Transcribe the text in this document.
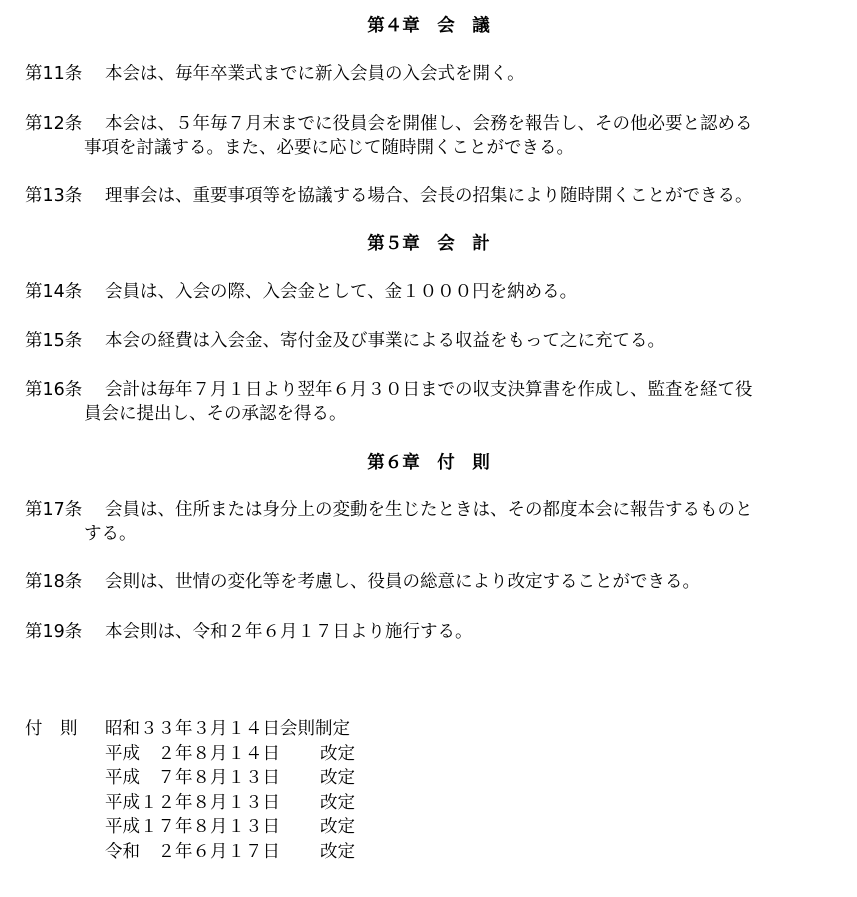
第４章　会　議
第11条 本会は、毎年卒業式までに新入会員の入会式を開く。
第12条 本会は、５年毎７月末までに役員会を開催し、会務を報告し、その他必要と認める
事項を討議する。また、必要に応じて随時開くことができる。
第13条 理事会は、重要事項等を協議する場合、会長の招集により随時開くことができる。
第５章　会　計
第14条 会員は、入会の際、入会金として、金１０００円を納める。
第15条 本会の経費は入会金、寄付金及び事業による収益をもって之に充てる。
第16条 会計は毎年７月１日より翌年６月３０日までの収支決算書を作成し、監査を経て役
員会に提出し、その承認を得る。
第６章　付　則
第17条 会員は、住所または身分上の変動を生じたときは、その都度本会に報告するものと
する。
第18条 会則は、世情の変化等を考慮し、役員の総意により改定することができる。
第19条 本会則は、令和２年６月１７日より施行する。
付　則 昭和３３年３月１４日会則制定
平成　２年８月１４日 改定
平成　７年８月１３日 改定
平成１２年８月１３日 改定
平成１７年８月１３日 改定
令和　２年６月１７日 改定
